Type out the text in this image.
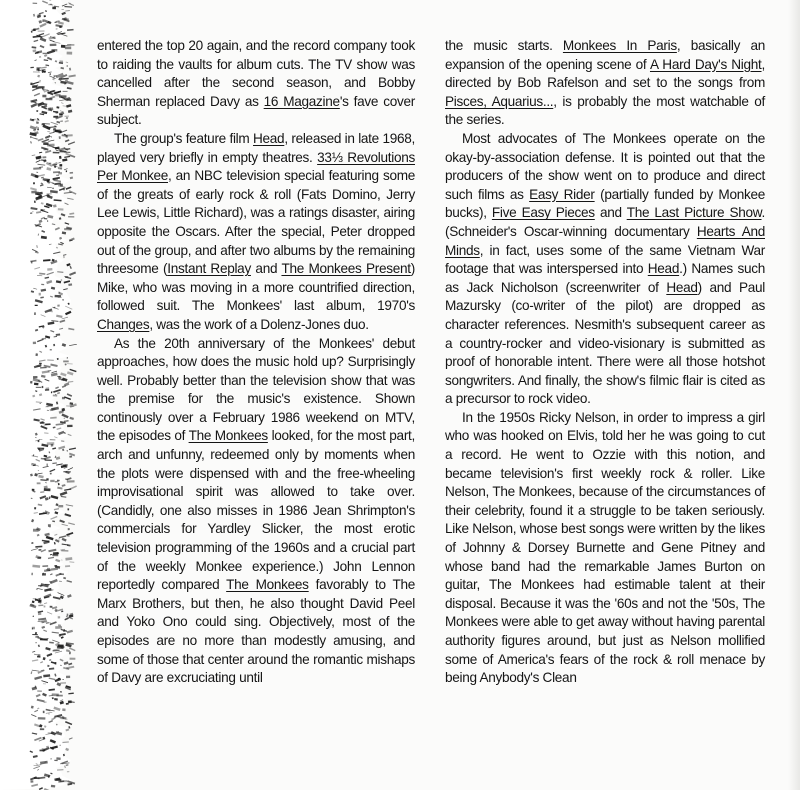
entered the top 20 again, and the record company took to raiding the vaults for album cuts. The TV show was cancelled after the second season, and Bobby Sherman replaced Davy as 16 Magazine's fave cover subject.

The group's feature film Head, released in late 1968, played very briefly in empty theatres. 33⅓ Revolutions Per Monkee, an NBC television special featuring some of the greats of early rock & roll (Fats Domino, Jerry Lee Lewis, Little Richard), was a ratings disaster, airing opposite the Oscars. After the special, Peter dropped out of the group, and after two albums by the remaining threesome (Instant Replay and The Monkees Present) Mike, who was moving in a more countrified direction, followed suit. The Monkees' last album, 1970's Changes, was the work of a Dolenz-Jones duo.

As the 20th anniversary of the Monkees' debut approaches, how does the music hold up? Surprisingly well. Probably better than the television show that was the premise for the music's existence. Shown continously over a February 1986 weekend on MTV, the episodes of The Monkees looked, for the most part, arch and unfunny, redeemed only by moments when the plots were dispensed with and the free-wheeling improvisational spirit was allowed to take over. (Candidly, one also misses in 1986 Jean Shrimpton's commercials for Yardley Slicker, the most erotic television programming of the 1960s and a crucial part of the weekly Monkee experience.) John Lennon reportedly compared The Monkees favorably to The Marx Brothers, but then, he also thought David Peel and Yoko Ono could sing. Objectively, most of the episodes are no more than modestly amusing, and some of those that center around the romantic mishaps of Davy are excruciating until

the music starts. Monkees In Paris, basically an expansion of the opening scene of A Hard Day's Night, directed by Bob Rafelson and set to the songs from Pisces, Aquarius..., is probably the most watchable of the series.

Most advocates of The Monkees operate on the okay-by-association defense. It is pointed out that the producers of the show went on to produce and direct such films as Easy Rider (partially funded by Monkee bucks), Five Easy Pieces and The Last Picture Show. (Schneider's Oscar-winning documentary Hearts And Minds, in fact, uses some of the same Vietnam War footage that was interspersed into Head.) Names such as Jack Nicholson (screenwriter of Head) and Paul Mazursky (co-writer of the pilot) are dropped as character references. Nesmith's subsequent career as a country-rocker and video-visionary is submitted as proof of honorable intent. There were all those hotshot songwriters. And finally, the show's filmic flair is cited as a precursor to rock video.

In the 1950s Ricky Nelson, in order to impress a girl who was hooked on Elvis, told her he was going to cut a record. He went to Ozzie with this notion, and became television's first weekly rock & roller. Like Nelson, The Monkees, because of the circumstances of their celebrity, found it a struggle to be taken seriously. Like Nelson, whose best songs were written by the likes of Johnny & Dorsey Burnette and Gene Pitney and whose band had the remarkable James Burton on guitar, The Monkees had estimable talent at their disposal. Because it was the '60s and not the '50s, The Monkees were able to get away without having parental authority figures around, but just as Nelson mollified some of America's fears of the rock & roll menace by being Anybody's Clean
